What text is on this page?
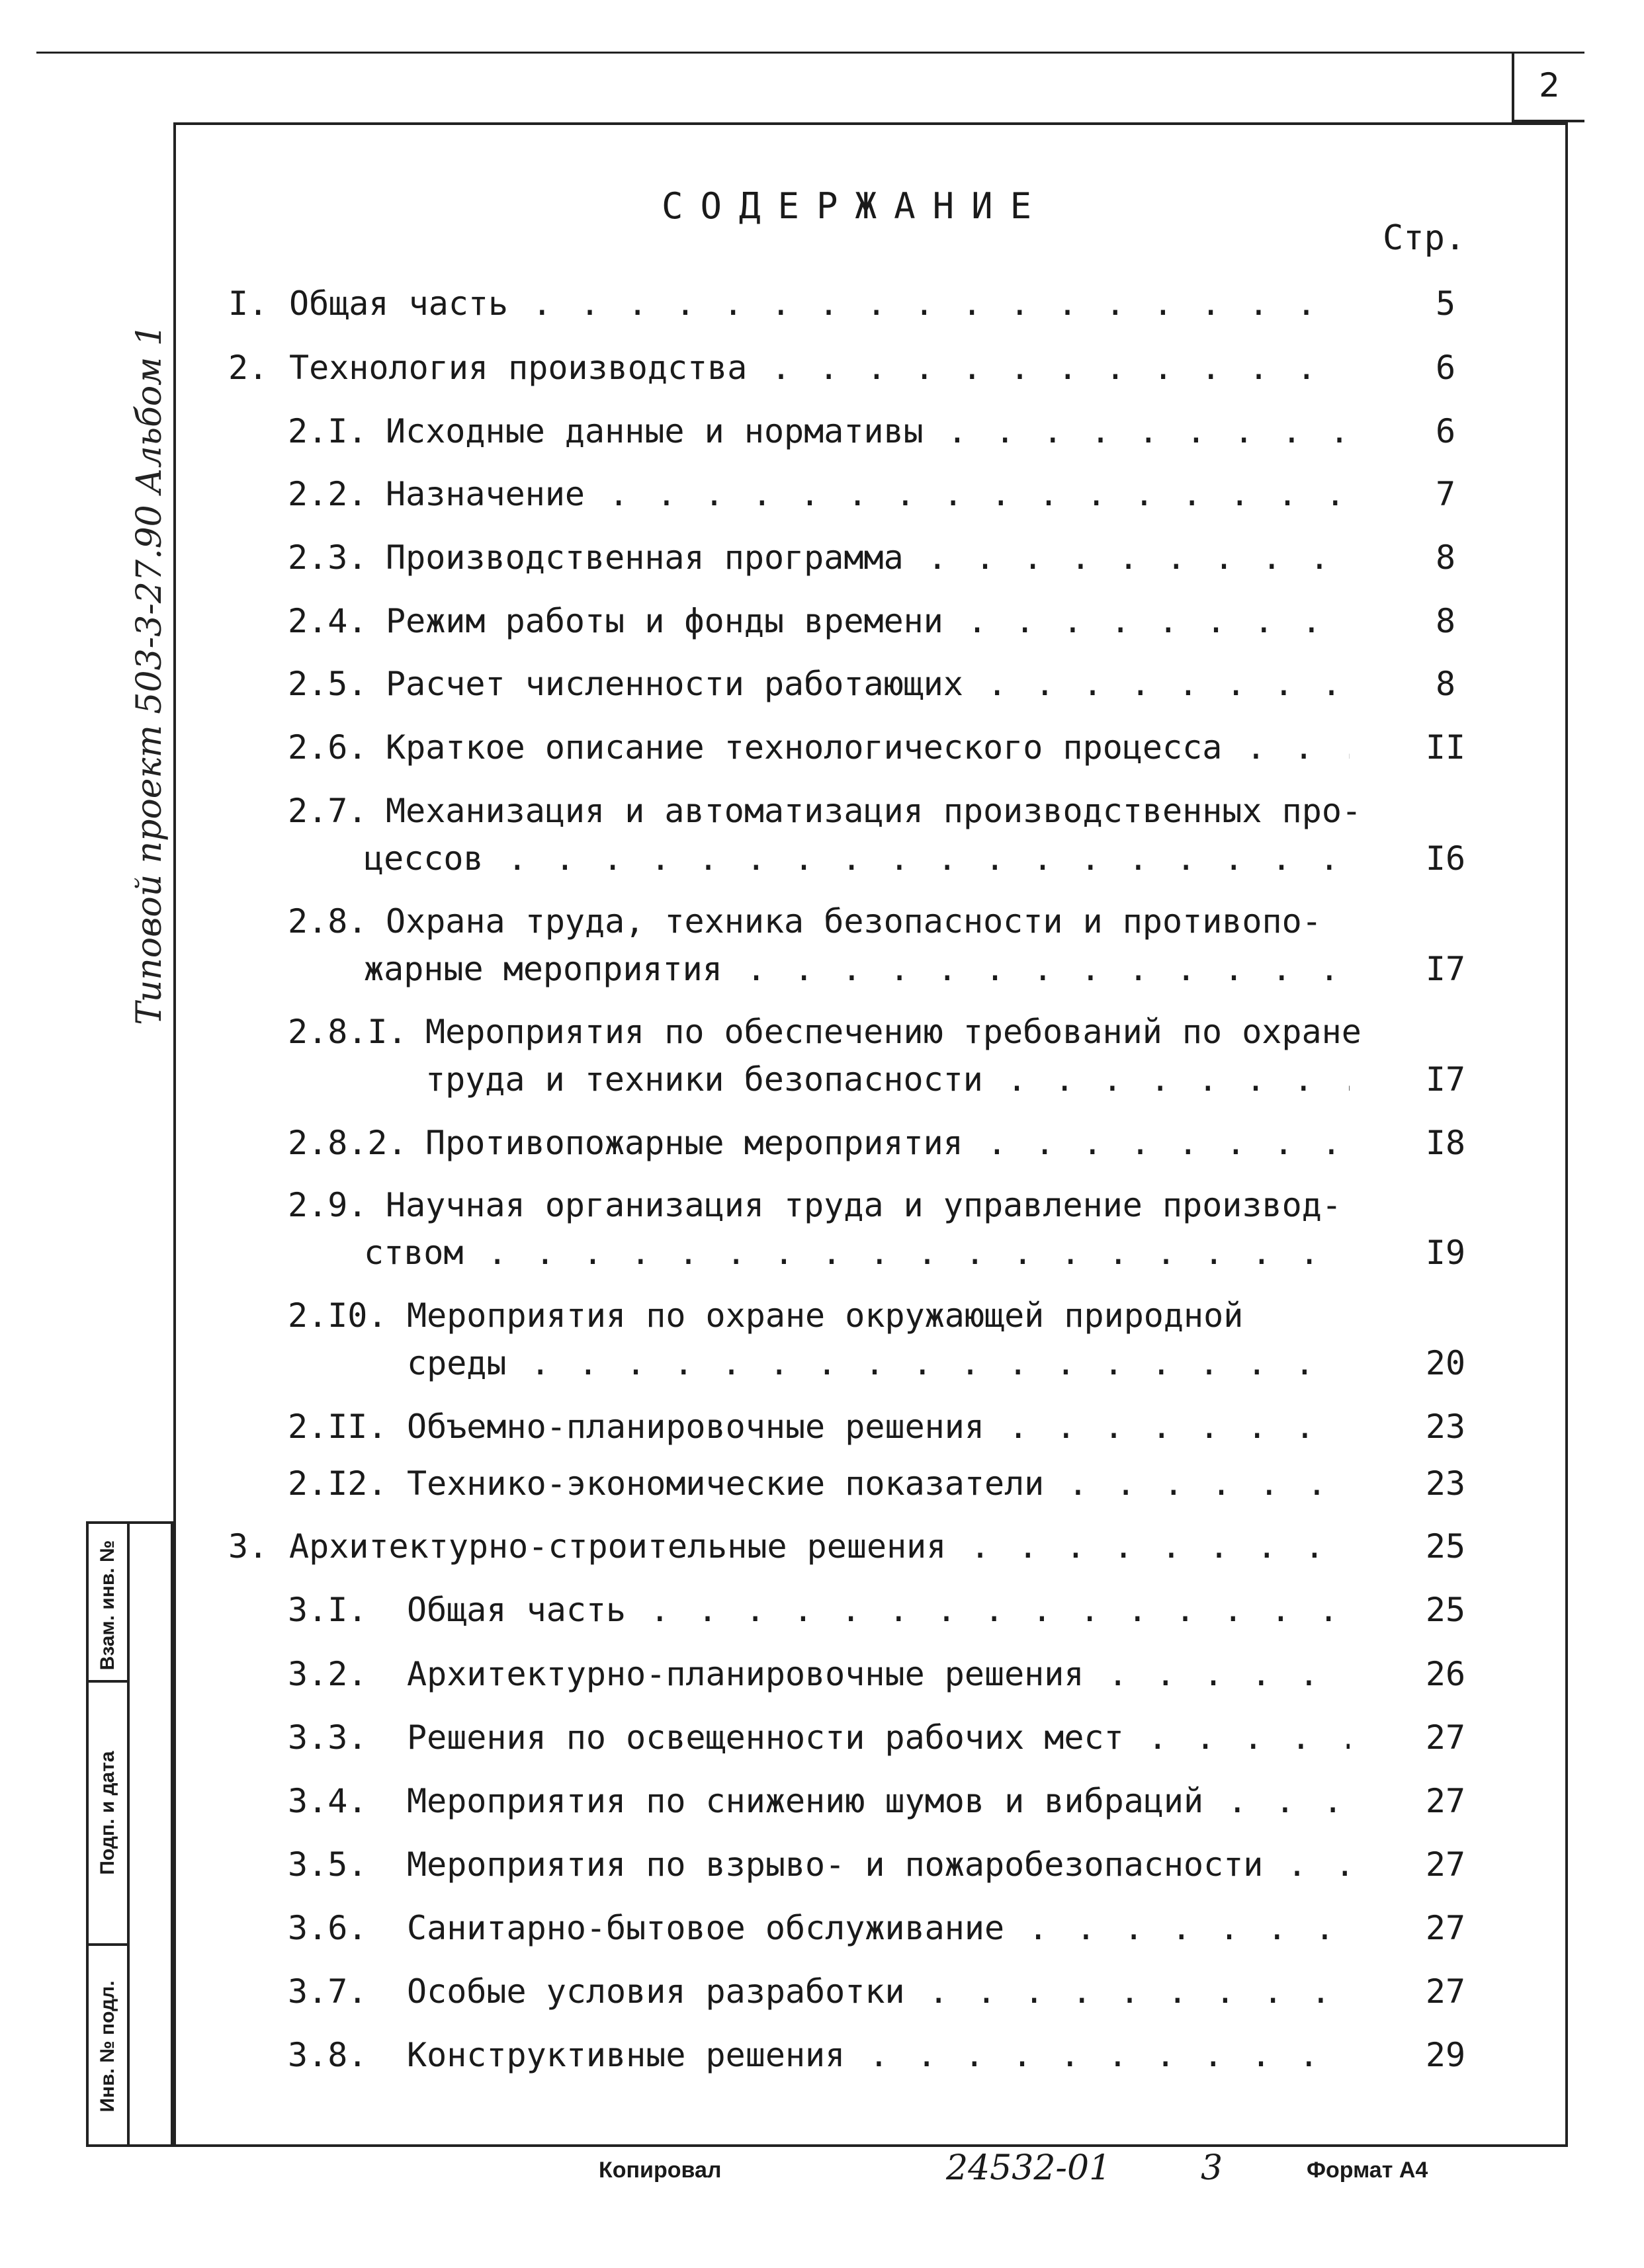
2
Типовой проект 503-3-27.90 Альбом 1
Взам. инв. №
Подп. и дата
Инв. № подл.
СОДЕРЖАНИЕ
Стр.
I. Общая часть . . .	5
2. Технология производства . . .	6
2.I. Исходные данные и нормативы . . .	6
2.2. Назначение . . .	7
2.3. Производственная программа . . .	8
2.4. Режим работы и фонды времени . . .	8
2.5. Расчет численности работающих . . .	8
2.6. Краткое описание технологического процесса . . .	II
2.7. Механизация и автоматизация производственных про-
цессов . . .	I6
2.8. Охрана труда, техника безопасности и противопо-
жарные мероприятия . . .	I7
2.8.I. Мероприятия по обеспечению требований по охране
труда и техники безопасности . . .	I7
2.8.2. Противопожарные мероприятия . . .	I8
2.9. Научная организация труда и управление производ-
ством . . .	I9
2.I0. Мероприятия по охране окружающей природной
среды . . .	20
2.II. Объемно-планировочные решения . . .	23
2.I2. Технико-экономические показатели . . .	23
3. Архитектурно-строительные решения . . .	25
3.I. Общая часть . . .	25
3.2. Архитектурно-планировочные решения . . .	26
3.3. Решения по освещенности рабочих мест . . .	27
3.4. Мероприятия по снижению шумов и вибраций . . .	27
3.5. Мероприятия по взрыво- и пожаробезопасности . . .	27
3.6. Санитарно-бытовое обслуживание . . .	27
3.7. Особые условия разработки . . .	27
3.8. Конструктивные решения . . .	29
Копировал	24532-01	3	Формат А4
